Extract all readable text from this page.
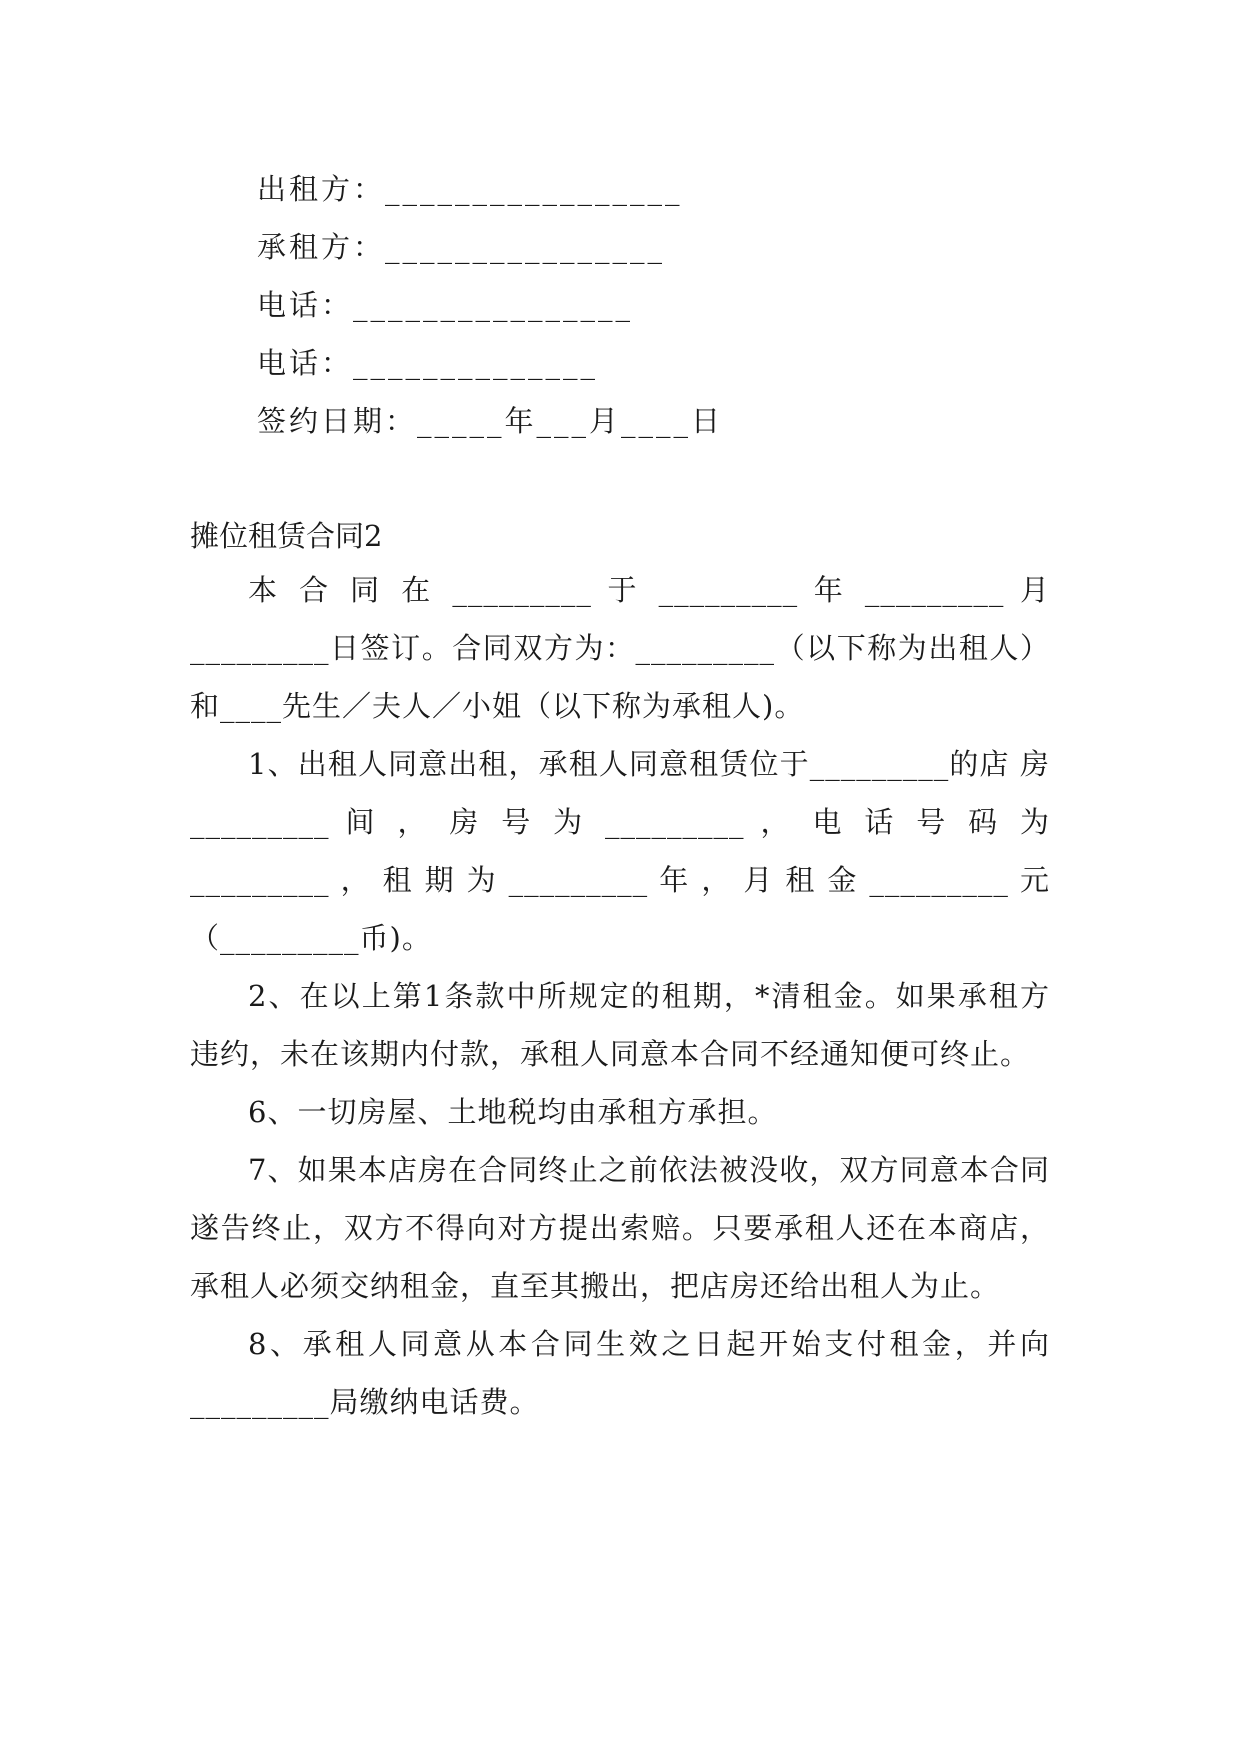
出租方：_________________
承租方：________________
电话：________________
电话：______________
签约日期：_____年___月____日
摊位租赁合同2

本 合 同 在 _________ 于 _________ 年 _________ 月 _________日签订。合同双方为：_________（以下称为出租人）和____先生／夫人／小姐（以下称为承租人)。

1、出租人同意出租，承租人同意租赁位于_________的店 房 _________ 间 ， 房 号 为 _________ ， 电 话 号 码 为 _________ ， 租 期 为 _________ 年 ， 月 租 金 _________ 元（_________币)。

2、在以上第1条款中所规定的租期，*清租金。如果承租方违约，未在该期内付款，承租人同意本合同不经通知便可终止。

6、一切房屋、土地税均由承租方承担。

7、如果本店房在合同终止之前依法被没收，双方同意本合同遂告终止，双方不得向对方提出索赔。只要承租人还在本商店，承租人必须交纳租金，直至其搬出，把店房还给出租人为止。

8、承租人同意从本合同生效之日起开始支付租金，并向_________局缴纳电话费。
